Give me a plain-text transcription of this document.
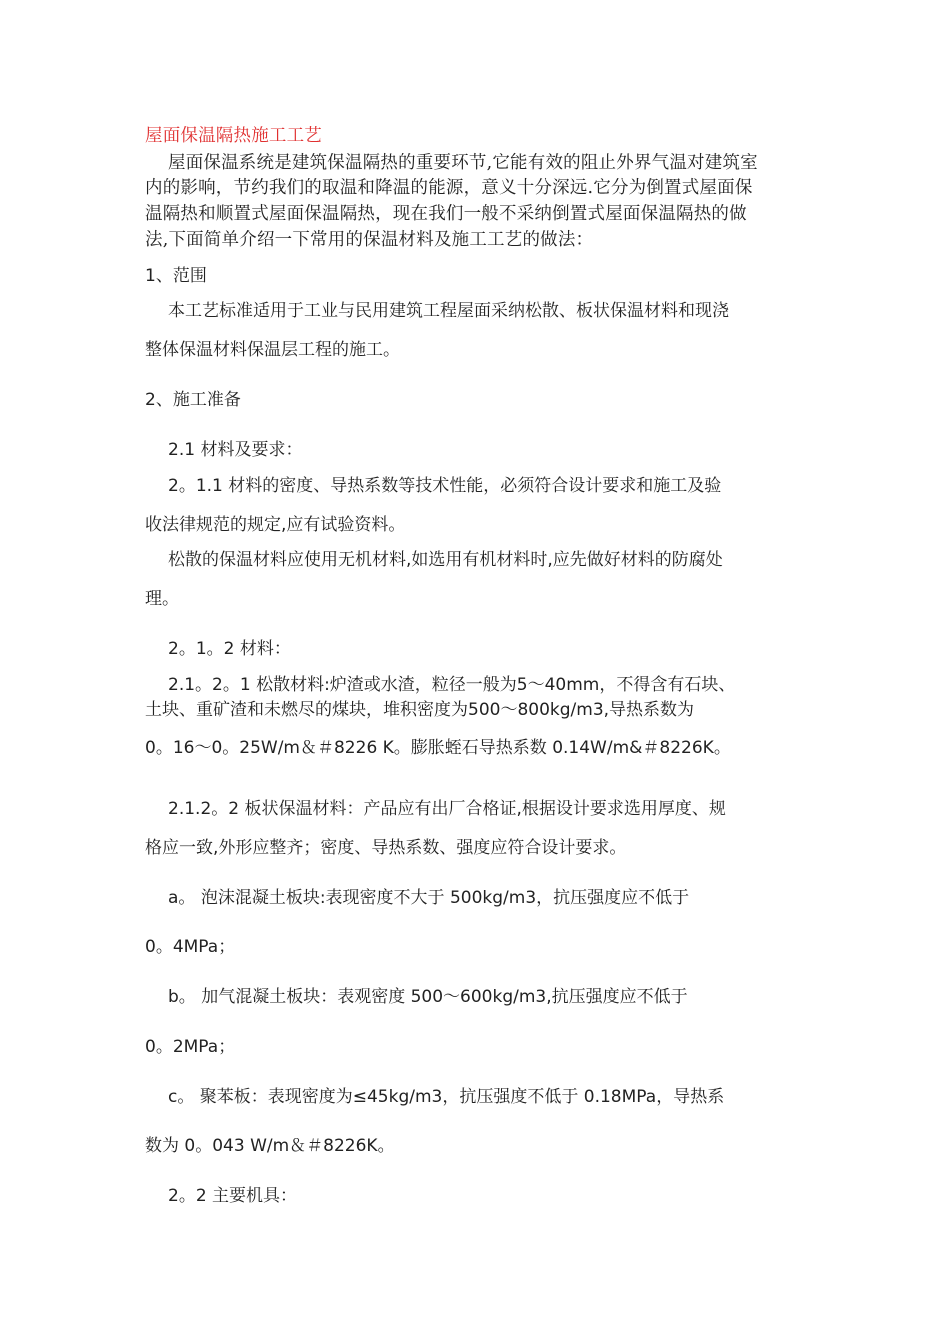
屋面保温隔热施工工艺
屋面保温系统是建筑保温隔热的重要环节,它能有效的阻止外界气温对建筑室
内的影响，节约我们的取温和降温的能源，意义十分深远.它分为倒置式屋面保
温隔热和顺置式屋面保温隔热，现在我们一般不采纳倒置式屋面保温隔热的做
法,下面简单介绍一下常用的保温材料及施工工艺的做法：
1、范围
本工艺标准适用于工业与民用建筑工程屋面采纳松散、板状保温材料和现浇
整体保温材料保温层工程的施工。
2、施工准备
2.1 材料及要求：
2。1.1 材料的密度、导热系数等技术性能，必须符合设计要求和施工及验
收法律规范的规定,应有试验资料。
松散的保温材料应使用无机材料,如选用有机材料时,应先做好材料的防腐处
理。
2。1。2 材料：
2.1。2。1 松散材料:炉渣或水渣，粒径一般为5～40mm，不得含有石块、
土块、重矿渣和未燃尽的煤块，堆积密度为500～800kg/m3,导热系数为
0。16～0。25W/m＆＃8226 K。膨胀蛭石导热系数 0.14W/m&＃8226K。
2.1.2。2 板状保温材料：产品应有出厂合格证,根据设计要求选用厚度、规
格应一致,外形应整齐；密度、导热系数、强度应符合设计要求。
a。 泡沫混凝土板块:表现密度不大于 500kg/m3，抗压强度应不低于
0。4MPa；
b。 加气混凝土板块：表观密度 500～600kg/m3,抗压强度应不低于
0。2MPa；
c。 聚苯板：表现密度为≤45kg/m3，抗压强度不低于 0.18MPa，导热系
数为 0。043 W/m＆＃8226K。
2。2 主要机具：
